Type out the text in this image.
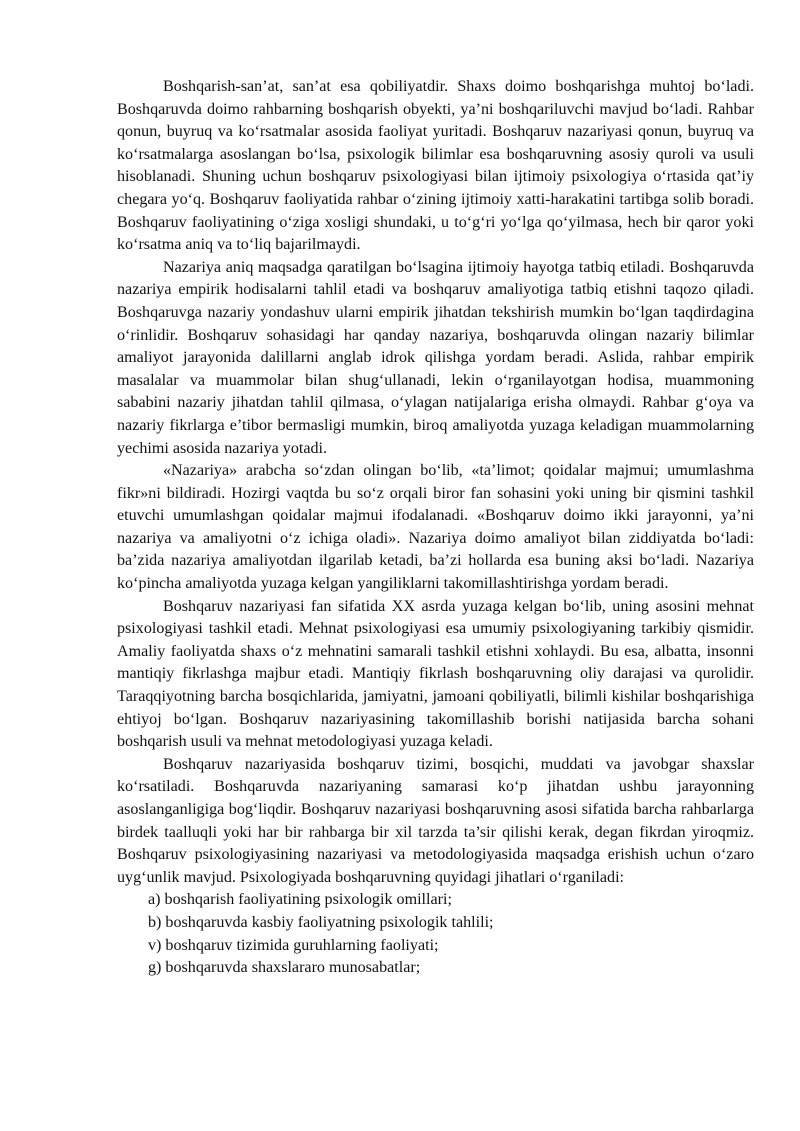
Boshqarish-san’at, san’at esa qobiliyatdir. Shaxs doimo boshqarishga muhtoj bo‘ladi. Boshqaruvda doimo rahbarning boshqarish obyekti, ya’ni boshqariluvchi mavjud bo‘ladi. Rahbar qonun, buyruq va ko‘rsatmalar asosida faoliyat yuritadi. Boshqaruv nazariyasi qonun, buyruq va ko‘rsatmalarga asoslangan bo‘lsa, psixologik bilimlar esa boshqaruvning asosiy quroli va usuli hisoblanadi. Shuning uchun boshqaruv psixologiyasi bilan ijtimoiy psixologiya o‘rtasida qat’iy chegara yo‘q. Boshqaruv faoliyatida rahbar o‘zining ijtimoiy xatti-harakatini tartibga solib boradi. Boshqaruv faoliyatining o‘ziga xosligi shundaki, u to‘g‘ri yo‘lga qo‘yilmasa, hech bir qaror yoki ko‘rsatma aniq va to‘liq bajarilmaydi.

Nazariya aniq maqsadga qaratilgan bo‘lsagina ijtimoiy hayotga tatbiq etiladi. Boshqaruvda nazariya empirik hodisalarni tahlil etadi va boshqaruv amaliyotiga tatbiq etishni taqozo qiladi. Boshqaruvga nazariy yondashuv ularni empirik jihatdan tekshirish mumkin bo‘lgan taqdirdagina o‘rinlidir. Boshqaruv sohasidagi har qanday nazariya, boshqaruvda olingan nazariy bilimlar amaliyot jarayonida dalillarni anglab idrok qilishga yordam beradi. Aslida, rahbar empirik masalalar va muammolar bilan shug‘ullanadi, lekin o‘rganilayotgan hodisa, muammoning sababini nazariy jihatdan tahlil qilmasa, o‘ylagan natijalariga erisha olmaydi. Rahbar g‘oya va nazariy fikrlarga e’tibor bermasligi mumkin, biroq amaliyotda yuzaga keladigan muammolarning yechimi asosida nazariya yotadi.

«Nazariya» arabcha so‘zdan olingan bo‘lib, «ta’limot; qoidalar majmui; umumlashma fikr»ni bildiradi. Hozirgi vaqtda bu so‘z orqali biror fan sohasini yoki uning bir qismini tashkil etuvchi umumlashgan qoidalar majmui ifodalanadi. «Boshqaruv doimo ikki jarayonni, ya’ni nazariya va amaliyotni o‘z ichiga oladi». Nazariya doimo amaliyot bilan ziddiyatda bo‘ladi: ba’zida nazariya amaliyotdan ilgarilab ketadi, ba’zi hollarda esa buning aksi bo‘ladi. Nazariya ko‘pincha amaliyotda yuzaga kelgan yangiliklarni takomillashtirishga yordam beradi.

Boshqaruv nazariyasi fan sifatida XX asrda yuzaga kelgan bo‘lib, uning asosini mehnat psixologiyasi tashkil etadi. Mehnat psixologiyasi esa umumiy psixologiyaning tarkibiy qismidir. Amaliy faoliyatda shaxs o‘z mehnatini samarali tashkil etishni xohlaydi. Bu esa, albatta, insonni mantiqiy fikrlashga majbur etadi. Mantiqiy fikrlash boshqaruvning oliy darajasi va qurolidir. Taraqqiyotning barcha bosqichlarida, jamiyatni, jamoani qobiliyatli, bilimli kishilar boshqarishiga ehtiyoj bo‘lgan. Boshqaruv nazariyasining takomillashib borishi natijasida barcha sohani boshqarish usuli va mehnat metodologiyasi yuzaga keladi.

Boshqaruv nazariyasida boshqaruv tizimi, bosqichi, muddati va javobgar shaxslar ko‘rsatiladi. Boshqaruvda nazariyaning samarasi ko‘p jihatdan ushbu jarayonning asoslanganligiga bog‘liqdir. Boshqaruv nazariyasi boshqaruvning asosi sifatida barcha rahbarlarga birdek taalluqli yoki har bir rahbarga bir xil tarzda ta’sir qilishi kerak, degan fikrdan yiroqmiz. Boshqaruv psixologiyasining nazariyasi va metodologiyasida maqsadga erishish uchun o‘zaro uyg‘unlik mavjud. Psixologiyada boshqaruvning quyidagi jihatlari o‘rganiladi:

a) boshqarish faoliyatining psixologik omillari;
b) boshqaruvda kasbiy faoliyatning psixologik tahlili;
v) boshqaruv tizimida guruhlarning faoliyati;
g) boshqaruvda shaxslararo munosabatlar;
